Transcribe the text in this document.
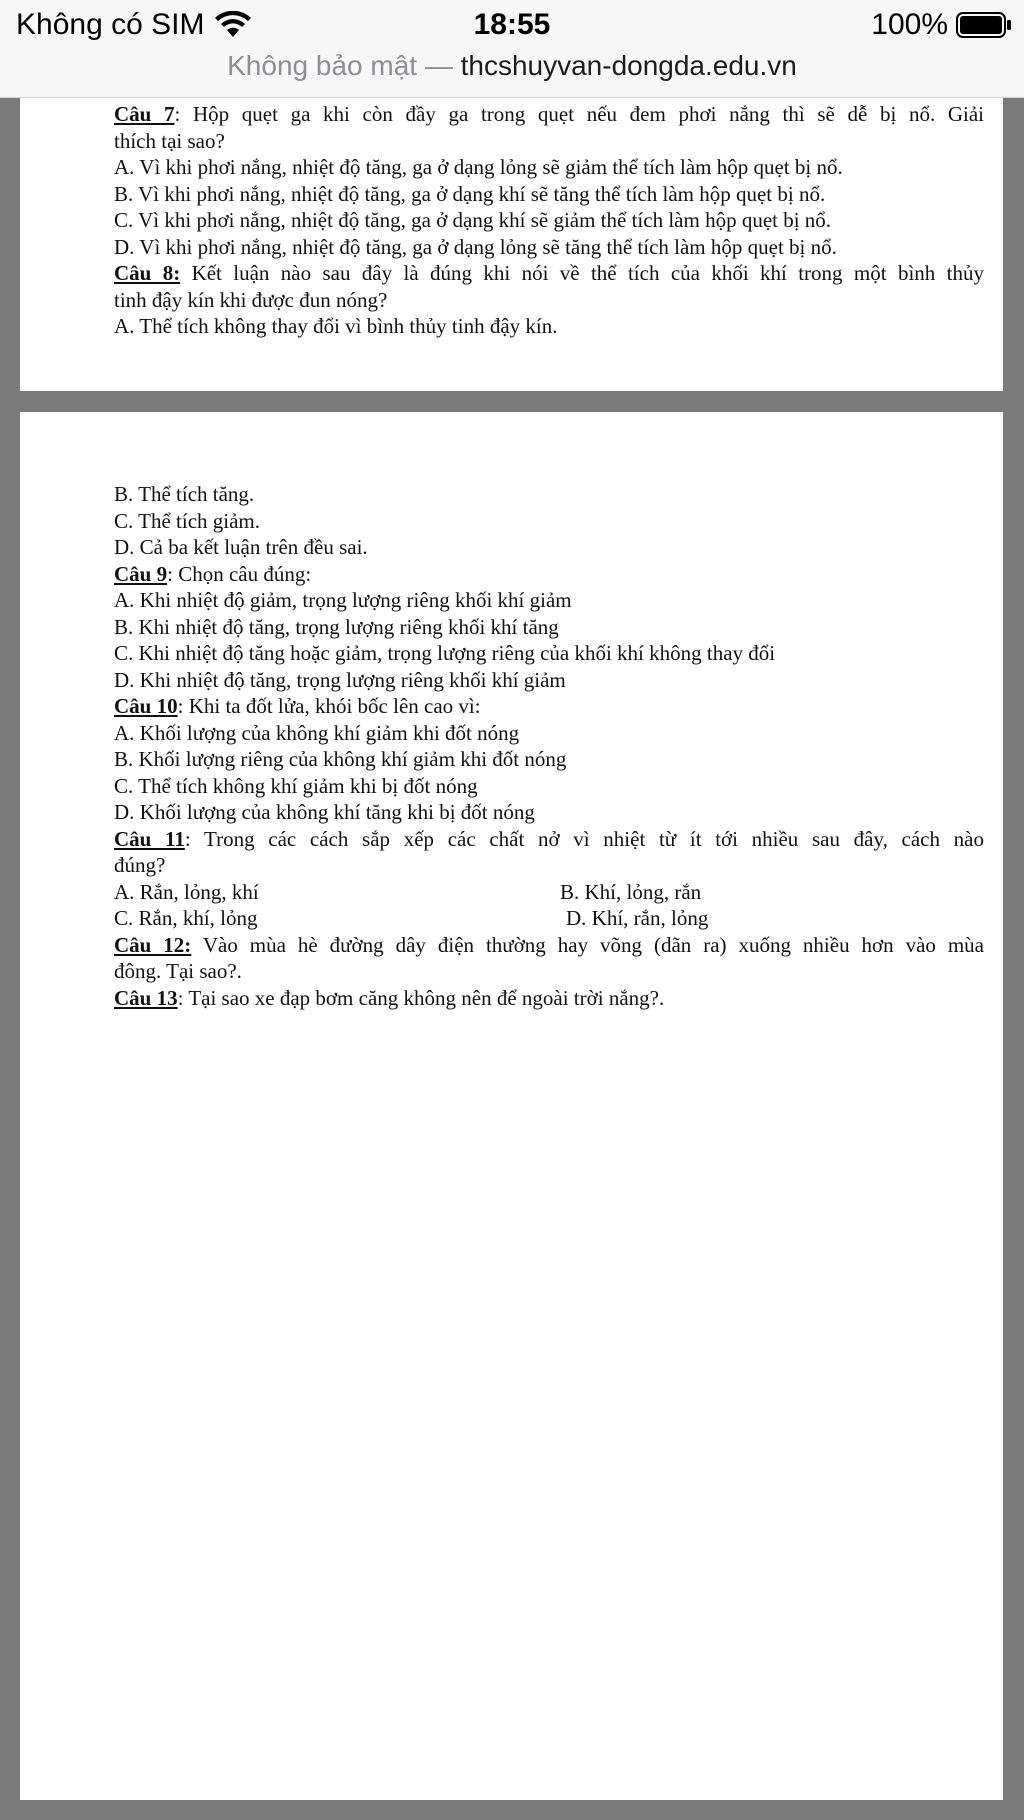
Không có SIM	18:55	100%
Không bảo mật — thcshuyvan-dongda.edu.vn
Câu 7: Hộp quẹt ga khi còn đầy ga trong quẹt nếu đem phơi nắng thì sẽ dễ bị nổ. Giải
thích tại sao?
A. Vì khi phơi nắng, nhiệt độ tăng, ga ở dạng lỏng sẽ giảm thể tích làm hộp quẹt bị nổ.
B. Vì khi phơi nắng, nhiệt độ tăng, ga ở dạng khí sẽ tăng thể tích làm hộp quẹt bị nổ.
C. Vì khi phơi nắng, nhiệt độ tăng, ga ở dạng khí sẽ giảm thể tích làm hộp quẹt bị nổ.
D. Vì khi phơi nắng, nhiệt độ tăng, ga ở dạng lỏng sẽ tăng thể tích làm hộp quẹt bị nổ.
Câu 8: Kết luận nào sau đây là đúng khi nói về thể tích của khối khí trong một bình thủy
tinh đậy kín khi được đun nóng?
A. Thể tích không thay đổi vì bình thủy tinh đậy kín.
B. Thể tích tăng.
C. Thể tích giảm.
D. Cả ba kết luận trên đều sai.
Câu 9: Chọn câu đúng:
A. Khi nhiệt độ giảm, trọng lượng riêng khối khí giảm
B. Khi nhiệt độ tăng, trọng lượng riêng khối khí tăng
C. Khi nhiệt độ tăng hoặc giảm, trọng lượng riêng của khối khí không thay đổi
D. Khi nhiệt độ tăng, trọng lượng riêng khối khí giảm
Câu 10: Khi ta đốt lửa, khói bốc lên cao vì:
A. Khối lượng của không khí giảm khi đốt nóng
B. Khối lượng riêng của không khí giảm khi đốt nóng
C. Thể tích không khí giảm khi bị đốt nóng
D. Khối lượng của không khí tăng khi bị đốt nóng
Câu 11: Trong các cách sắp xếp các chất nở vì nhiệt từ ít tới nhiều sau đây, cách nào
đúng?
A. Rắn, lỏng, khí	B. Khí, lỏng, rắn
C. Rắn, khí, lỏng	D. Khí, rắn, lỏng
Câu 12: Vào mùa hè đường dây điện thường hay võng (dãn ra) xuống nhiều hơn vào mùa
đông. Tại sao?.
Câu 13: Tại sao xe đạp bơm căng không nên để ngoài trời nắng?.
